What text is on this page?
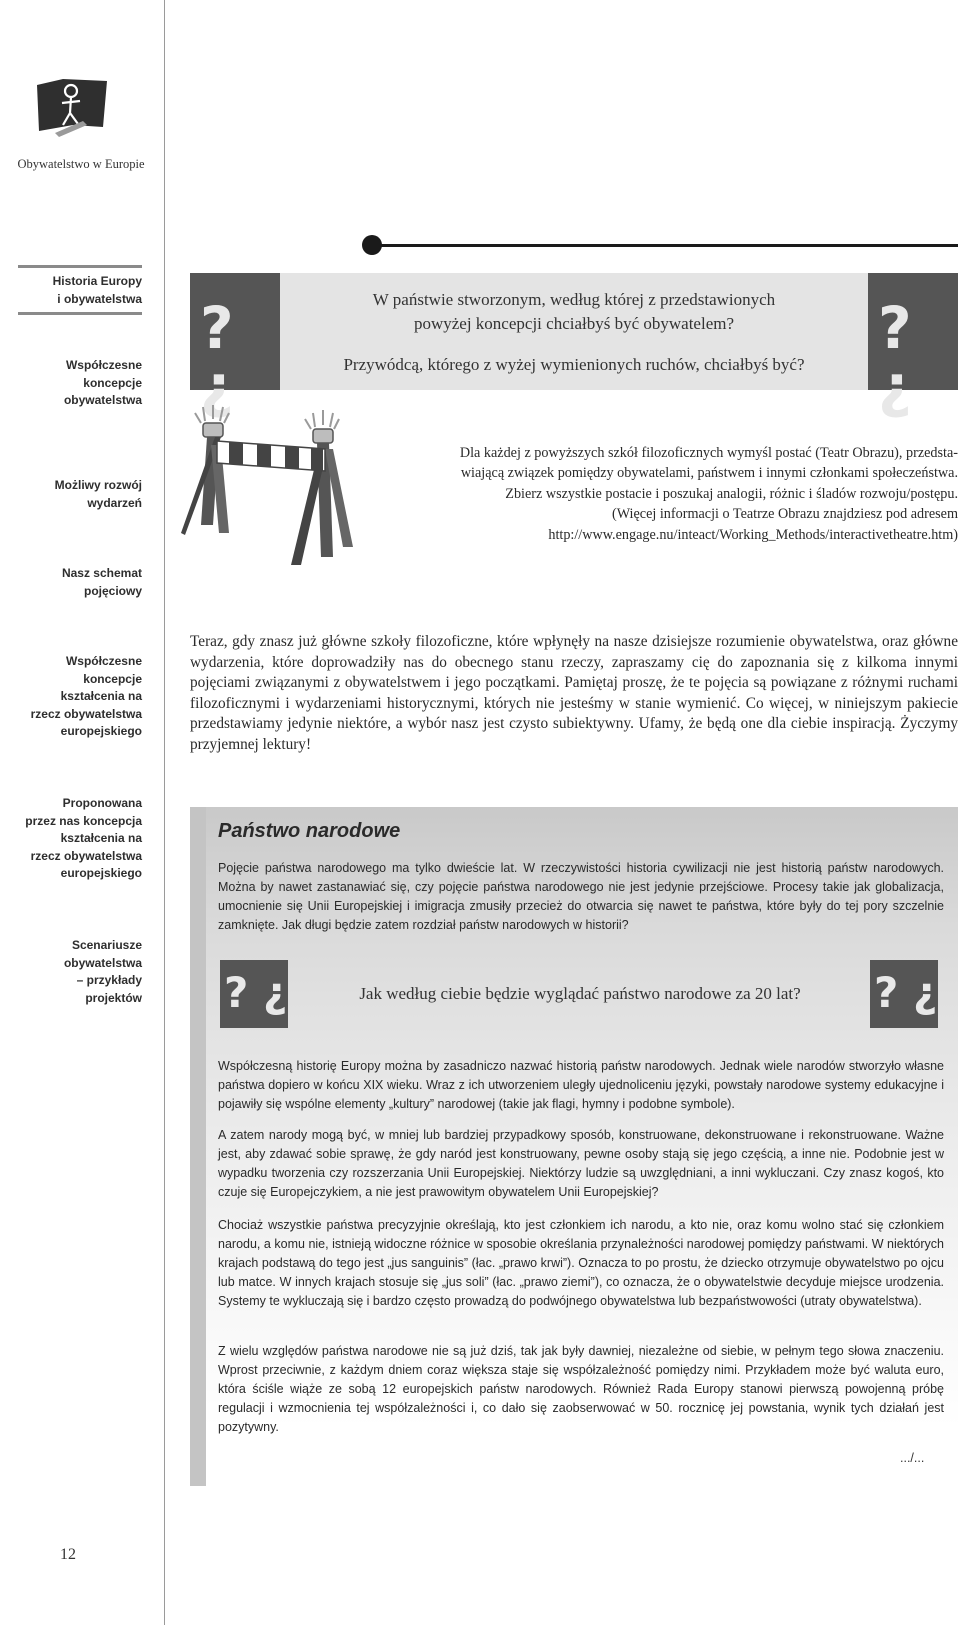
Obywatelstwo w Europie
Historia Europy
i obywatelstwa
Współczesne
koncepcje
obywatelstwa
Możliwy rozwój
wydarzeń
Nasz schemat
pojęciowy
Współczesne
koncepcje
kształcenia na
rzecz obywatelstwa
europejskiego
Proponowana
przez nas koncepcja
kształcenia na
rzecz obywatelstwa
europejskiego
Scenariusze
obywatelstwa
– przykłady
projektów
12
? ¿
? ¿
W państwie stworzonym, według której z przedstawionych
powyżej koncepcji chciałbyś być obywatelem?
Przywódcą, którego z wyżej wymienionych ruchów, chciałbyś być?
Dla każdej z powyższych szkół filozoficznych wymyśl postać (Teatr Obrazu), przedsta-
wiającą związek pomiędzy obywatelami, państwem i innymi członkami społeczeństwa.
Zbierz wszystkie postacie i poszukaj analogii, różnic i śladów rozwoju/postępu.
(Więcej informacji o Teatrze Obrazu znajdziesz pod adresem
http://www.engage.nu/inteact/Working_Methods/interactivetheatre.htm)
Teraz, gdy znasz już główne szkoły filozoficzne, które wpłynęły na nasze dzisiejsze rozumienie obywatelstwa, oraz główne wydarzenia, które doprowadziły nas do obecnego stanu rzeczy, zapraszamy cię do zapoznania się z kilkoma innymi pojęciami związanymi z obywatelstwem i jego początkami. Pamiętaj proszę, że te pojęcia są powiązane z różnymi ruchami filozoficznymi i wydarzeniami historycznymi, których nie jesteśmy w stanie wymienić. Co więcej, w niniejszym pakiecie przedstawiamy jedynie niektóre, a wybór nasz jest czysto subiektywny. Ufamy, że będą one dla ciebie inspiracją. Życzymy przyjemnej lektury!
Państwo narodowe
Pojęcie państwa narodowego ma tylko dwieście lat. W rzeczywistości historia cywilizacji nie jest historią państw narodowych. Można by nawet zastanawiać się, czy pojęcie państwa narodowego nie jest jedynie przejściowe. Procesy takie jak globalizacja, umocnienie się Unii Europejskiej i imigracja zmusiły przecież do otwarcia się nawet te państwa, które były do tej pory szczelnie zamknięte. Jak długi będzie zatem rozdział państw narodowych w historii?
? ¿	? ¿
Jak według ciebie będzie wyglądać państwo narodowe za 20 lat?
Współczesną historię Europy można by zasadniczo nazwać historią państw narodowych. Jednak wiele narodów stworzyło własne państwa dopiero w końcu XIX wieku. Wraz z ich utworzeniem uległy ujednoliceniu języki, powstały narodowe systemy edukacyjne i pojawiły się wspólne elementy „kultury” narodowej (takie jak flagi, hymny i podobne symbole).
A zatem narody mogą być, w mniej lub bardziej przypadkowy sposób, konstruowane, dekonstruowane i rekonstruowane. Ważne jest, aby zdawać sobie sprawę, że gdy naród jest konstruowany, pewne osoby stają się jego częścią, a inne nie. Podobnie jest w wypadku tworzenia czy rozszerzania Unii Europejskiej. Niektórzy ludzie są uwzględniani, a inni wykluczani. Czy znasz kogoś, kto czuje się Europejczykiem, a nie jest prawowitym obywatelem Unii Europejskiej?
Chociaż wszystkie państwa precyzyjnie określają, kto jest członkiem ich narodu, a kto nie, oraz komu wolno stać się członkiem narodu, a komu nie, istnieją widoczne różnice w sposobie określania przynależności narodowej pomiędzy państwami. W niektórych krajach podstawą do tego jest „jus sanguinis” (łac. „prawo krwi”). Oznacza to po prostu, że dziecko otrzymuje obywatelstwo po ojcu lub matce. W innych krajach stosuje się „jus soli” (łac. „prawo ziemi”), co oznacza, że o obywatelstwie decyduje miejsce urodzenia. Systemy te wykluczają się i bardzo często prowadzą do podwójnego obywatelstwa lub bezpaństwowości (utraty obywatelstwa).
Z wielu względów państwa narodowe nie są już dziś, tak jak były dawniej, niezależne od siebie, w pełnym tego słowa znaczeniu. Wprost przeciwnie, z każdym dniem coraz większa staje się współzależność pomiędzy nimi. Przykładem może być waluta euro, która ściśle wiąże ze sobą 12 europejskich państw narodowych. Również Rada Europy stanowi pierwszą powojenną próbę regulacji i wzmocnienia tej współzależności i, co dało się zaobserwować w 50. rocznicę jej powstania, wynik tych działań jest pozytywny.
.../...
